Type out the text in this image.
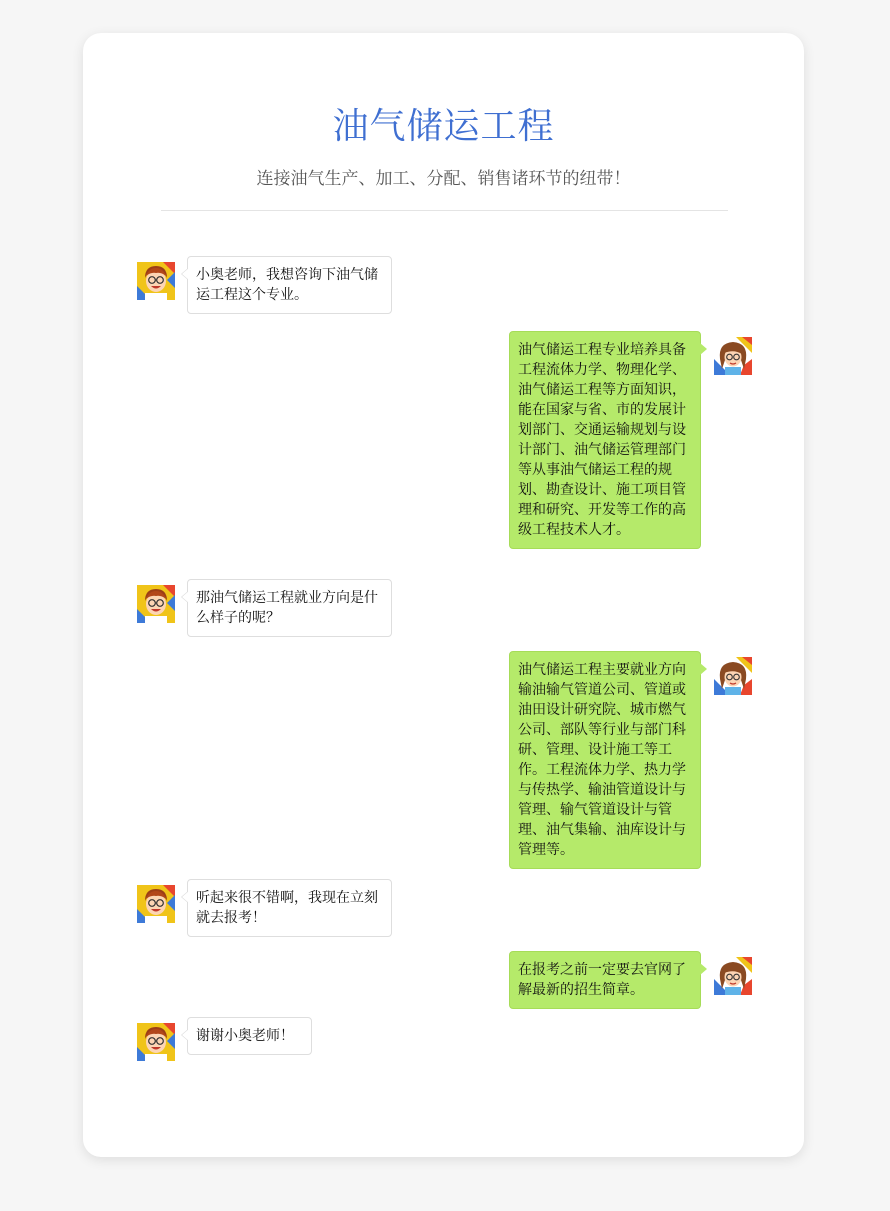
油气储运工程
连接油气生产、加工、分配、销售诸环节的纽带！
小奥老师，我想咨询下油气储运工程这个专业。
油气储运工程专业培养具备工程流体力学、物理化学、油气储运工程等方面知识，能在国家与省、市的发展计划部门、交通运输规划与设计部门、油气储运管理部门等从事油气储运工程的规划、勘查设计、施工项目管理和研究、开发等工作的高级工程技术人才。
那油气储运工程就业方向是什么样子的呢？
油气储运工程主要就业方向输油输气管道公司、管道或油田设计研究院、城市燃气公司、部队等行业与部门科研、管理、设计施工等工作。工程流体力学、热力学与传热学、输油管道设计与管理、输气管道设计与管理、油气集输、油库设计与管理等。
听起来很不错啊，我现在立刻就去报考！
在报考之前一定要去官网了解最新的招生简章。
谢谢小奥老师！
